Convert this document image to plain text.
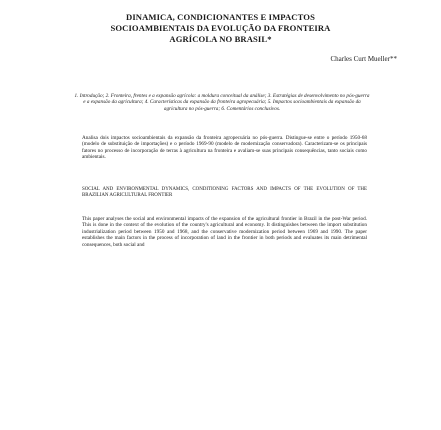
DINAMICA, CONDICIONANTES E IMPACTOS
SOCIOAMBIENTAIS DA EVOLUÇÃO DA FRONTEIRA
AGRÍCOLA NO BRASIL*
Charles Curt Mueller**
1. Introdução; 2. Fronteira, frentes e a expansão agrícola: a moldura conceitual da análise; 3. Estratégias de desenvolvimento no pós-guerra e a expansão da agricultura; 4. Características da expansão da fronteira agropecuária; 5. Impactos socioambientais da expansão da agricultura no pós-guerra; 6. Comentários conclusivos.
Analisa dois impactos socioambientais da expansão da fronteira agropecuária no pós-guerra. Distingue-se entre o período 1950-68 (modelo de substituição de importações) e o período 1969-90 (modelo de modernização conservadora). Caracterizam-se os principais fatores no processo de incorporação de terras à agricultura na fronteira e avaliam-se suas principais consequências, tanto sociais como ambientais.
SOCIAL AND ENVIRONMENTAL DYNAMICS, CONDITIONING FACTORS AND IMPACTS OF THE EVOLUTION OF THE BRAZILIAN AGRICULTURAL FRONTIER
This paper analyses the social and environmental impacts of the expansion of the agricultural frontier in Brazil in the post-War period. This is done in the context of the evolution of the country's agricultural and economy. It distinguishes between the import substitution industrialization period between 1950 and 1968, and the conservative modernization period between 1969 and 1990. The paper establishes the main factors in the process of incorporation of land in the frontier in both periods and evaluates its main detrimental consequences, both social and
